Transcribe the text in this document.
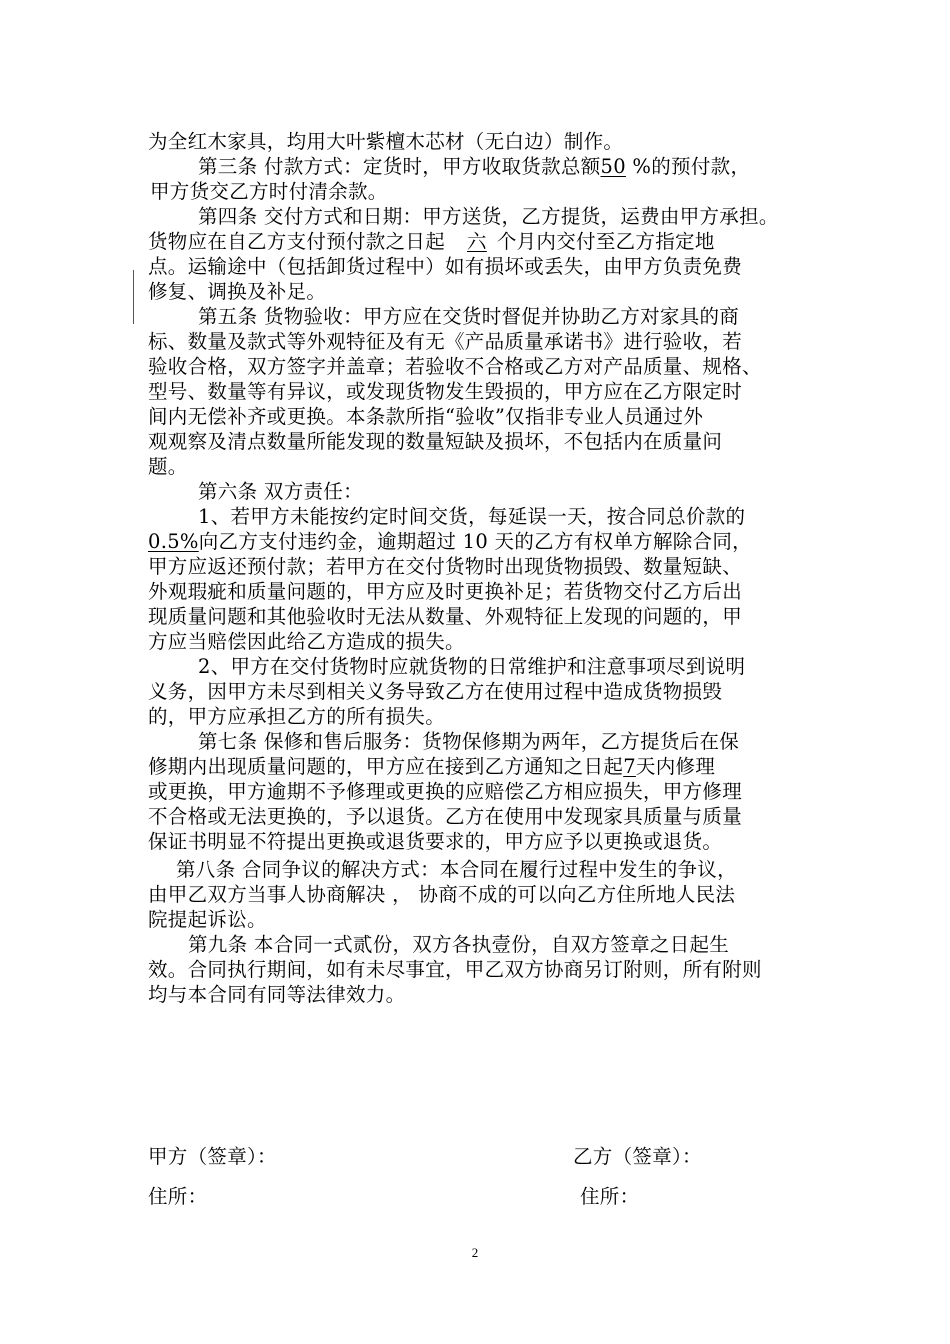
为全红木家具，均用大叶紫檀木芯材（无白边）制作。
第三条 付款方式：定货时，甲方收取货款总额50 %的预付款，
甲方货交乙方时付清余款。
第四条 交付方式和日期：甲方送货，乙方提货，运费由甲方承担。
货物应在自乙方支付预付款之日起 六 个月内交付至乙方指定地
点。运输途中（包括卸货过程中）如有损坏或丢失，由甲方负责免费
修复、调换及补足。
第五条 货物验收：甲方应在交货时督促并协助乙方对家具的商
标、数量及款式等外观特征及有无《产品质量承诺书》进行验收，若
验收合格，双方签字并盖章；若验收不合格或乙方对产品质量、规格、
型号、数量等有异议，或发现货物发生毁损的，甲方应在乙方限定时
间内无偿补齐或更换。本条款所指“验收”仅指非专业人员通过外
观观察及清点数量所能发现的数量短缺及损坏，不包括内在质量问
题。
第六条 双方责任：
1、若甲方未能按约定时间交货，每延误一天，按合同总价款的
0.5%向乙方支付违约金，逾期超过 10 天的乙方有权单方解除合同，
甲方应返还预付款；若甲方在交付货物时出现货物损毁、数量短缺、
外观瑕疵和质量问题的，甲方应及时更换补足；若货物交付乙方后出
现质量问题和其他验收时无法从数量、外观特征上发现的问题的，甲
方应当赔偿因此给乙方造成的损失。
2、甲方在交付货物时应就货物的日常维护和注意事项尽到说明
义务，因甲方未尽到相关义务导致乙方在使用过程中造成货物损毁
的，甲方应承担乙方的所有损失。
第七条 保修和售后服务：货物保修期为两年，乙方提货后在保
修期内出现质量问题的，甲方应在接到乙方通知之日起7天内修理
或更换，甲方逾期不予修理或更换的应赔偿乙方相应损失，甲方修理
不合格或无法更换的，予以退货。乙方在使用中发现家具质量与质量
保证书明显不符提出更换或退货要求的，甲方应予以更换或退货。
第八条 合同争议的解决方式：本合同在履行过程中发生的争议，
由甲乙双方当事人协商解决 ， 协商不成的可以向乙方住所地人民法
院提起诉讼。
第九条 本合同一式贰份，双方各执壹份，自双方签章之日起生
效。合同执行期间，如有未尽事宜，甲乙双方协商另订附则，所有附则
均与本合同有同等法律效力。
甲方（签章）：	乙方（签章）：
住所：	住所：
2
